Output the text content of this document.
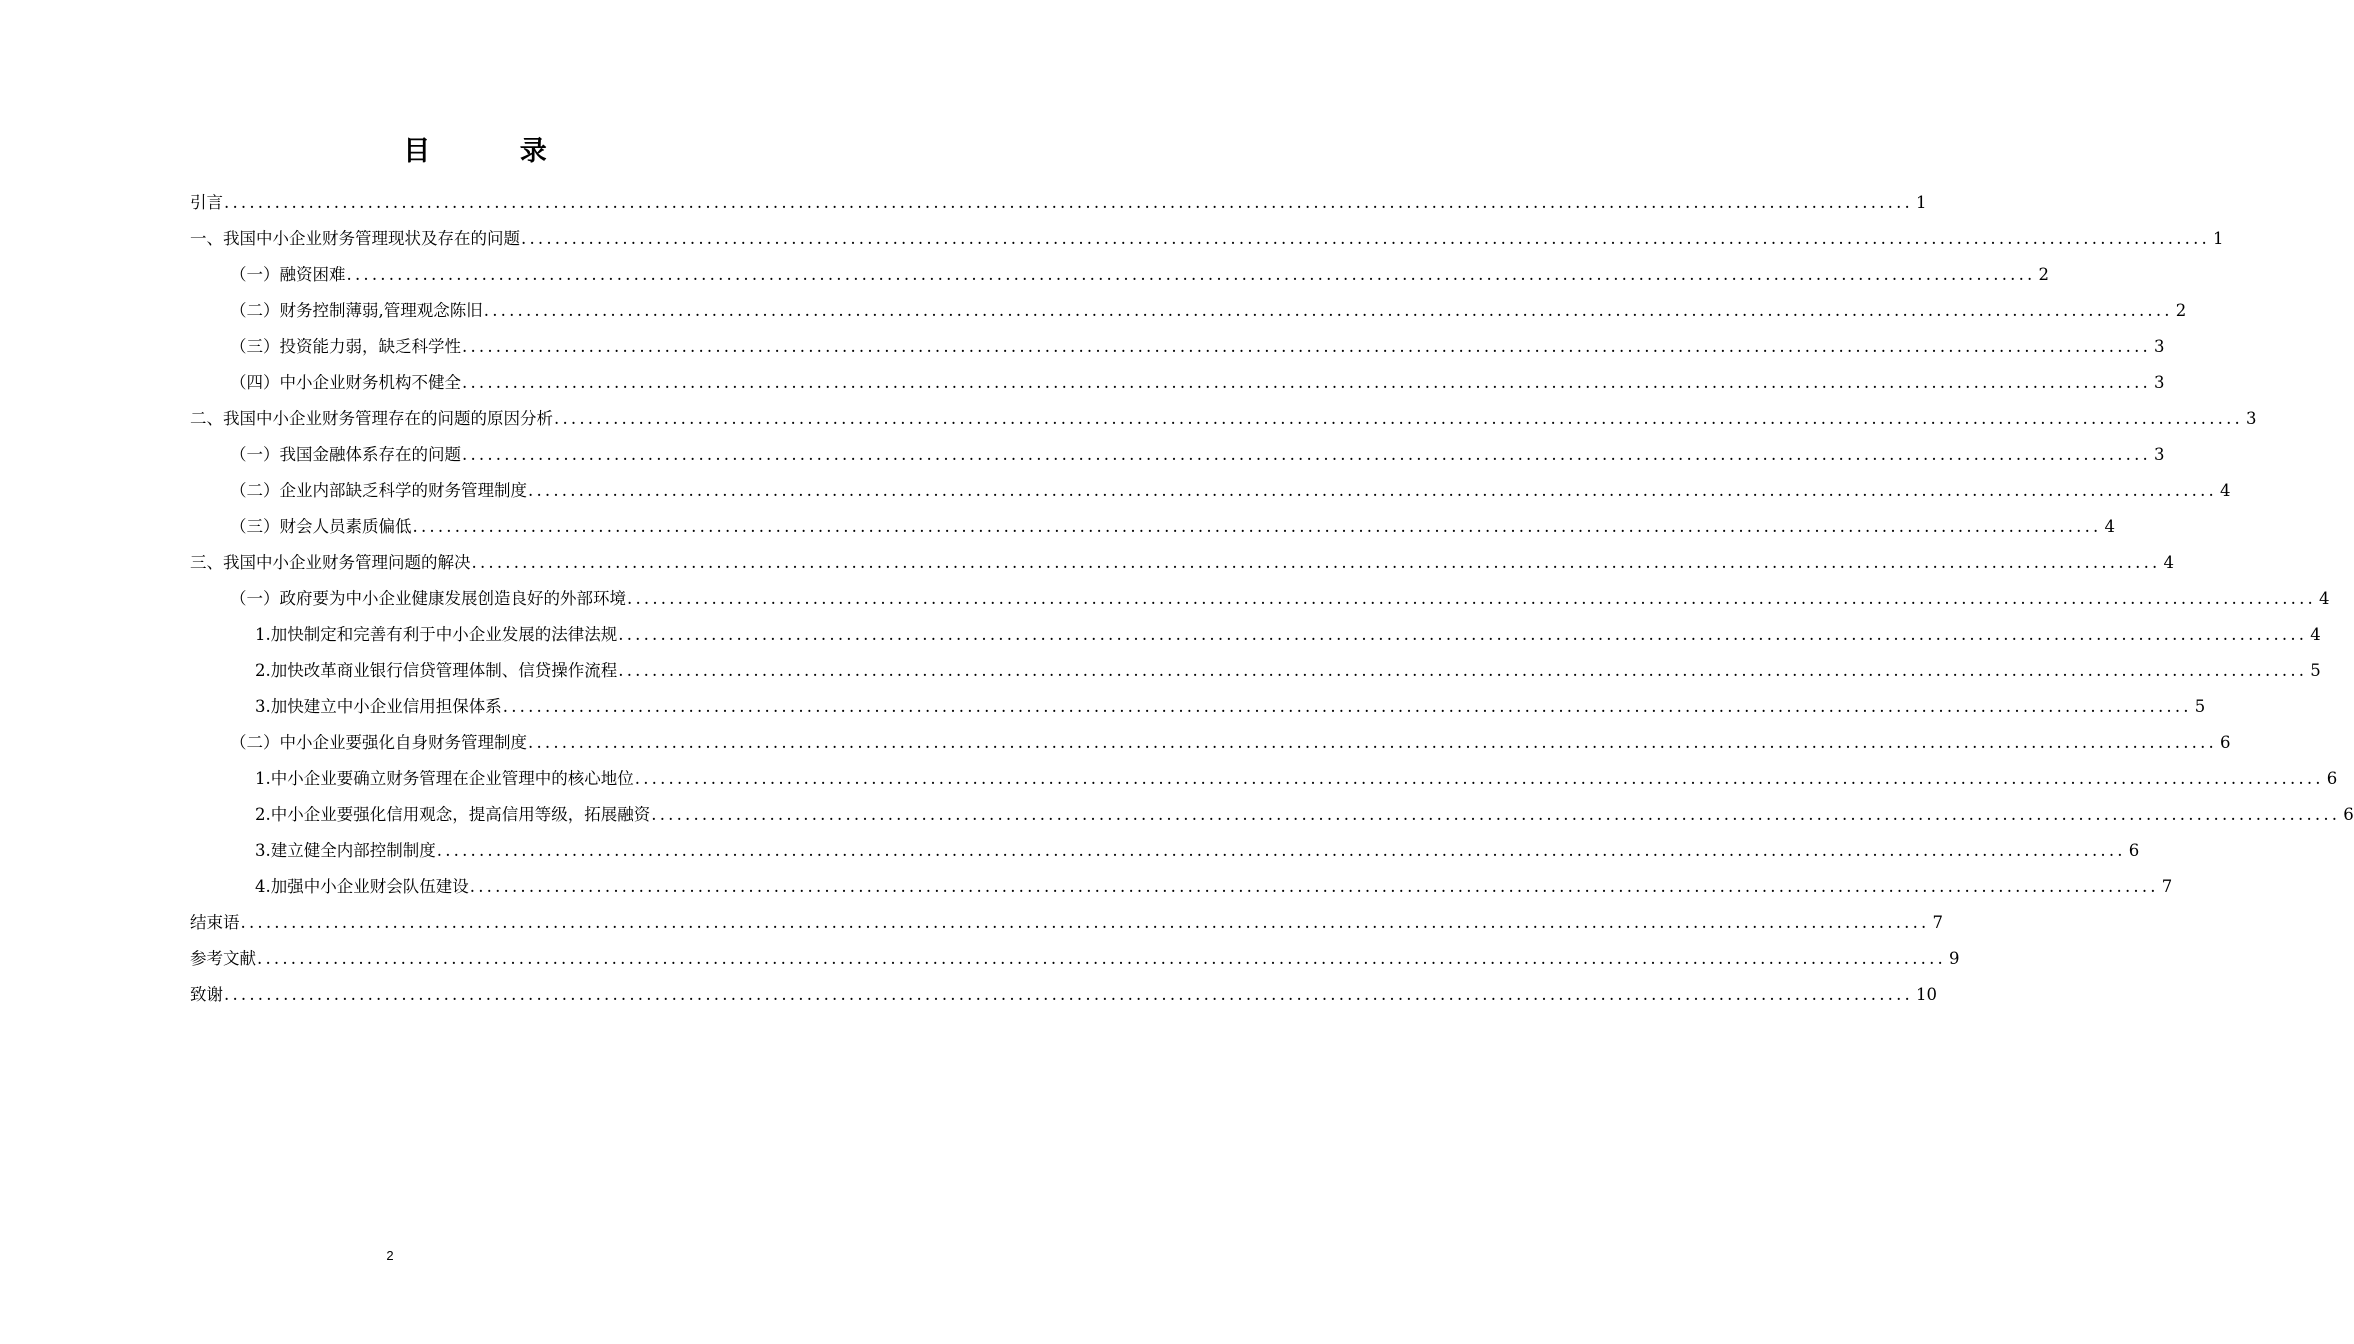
目 录
引言 ........................................................................................................................................................................................................ 1
一、我国中小企业财务管理现状及存在的问题 ........................................................................................................................................................................................................ 1
（一）融资困难 ........................................................................................................................................................................................................ 2
（二）财务控制薄弱,管理观念陈旧 ........................................................................................................................................................................................................ 2
（三）投资能力弱，缺乏科学性 ........................................................................................................................................................................................................ 3
（四）中小企业财务机构不健全 ........................................................................................................................................................................................................ 3
二、我国中小企业财务管理存在的问题的原因分析 ........................................................................................................................................................................................................ 3
（一）我国金融体系存在的问题 ........................................................................................................................................................................................................ 3
（二）企业内部缺乏科学的财务管理制度 ........................................................................................................................................................................................................ 4
（三）财会人员素质偏低 ........................................................................................................................................................................................................ 4
三、我国中小企业财务管理问题的解决 ........................................................................................................................................................................................................ 4
（一）政府要为中小企业健康发展创造良好的外部环境 ........................................................................................................................................................................................................ 4
1.加快制定和完善有利于中小企业发展的法律法规 ........................................................................................................................................................................................................ 4
2.加快改革商业银行信贷管理体制、信贷操作流程 ........................................................................................................................................................................................................ 5
3.加快建立中小企业信用担保体系 ........................................................................................................................................................................................................ 5
（二）中小企业要强化自身财务管理制度 ........................................................................................................................................................................................................ 6
1.中小企业要确立财务管理在企业管理中的核心地位 ........................................................................................................................................................................................................ 6
2.中小企业要强化信用观念，提高信用等级，拓展融资 ........................................................................................................................................................................................................ 6
3.建立健全内部控制制度 ........................................................................................................................................................................................................ 6
4.加强中小企业财会队伍建设 ........................................................................................................................................................................................................ 7
结束语 ........................................................................................................................................................................................................ 7
参考文献 ........................................................................................................................................................................................................ 9
致谢 ........................................................................................................................................................................................................ 10
2
